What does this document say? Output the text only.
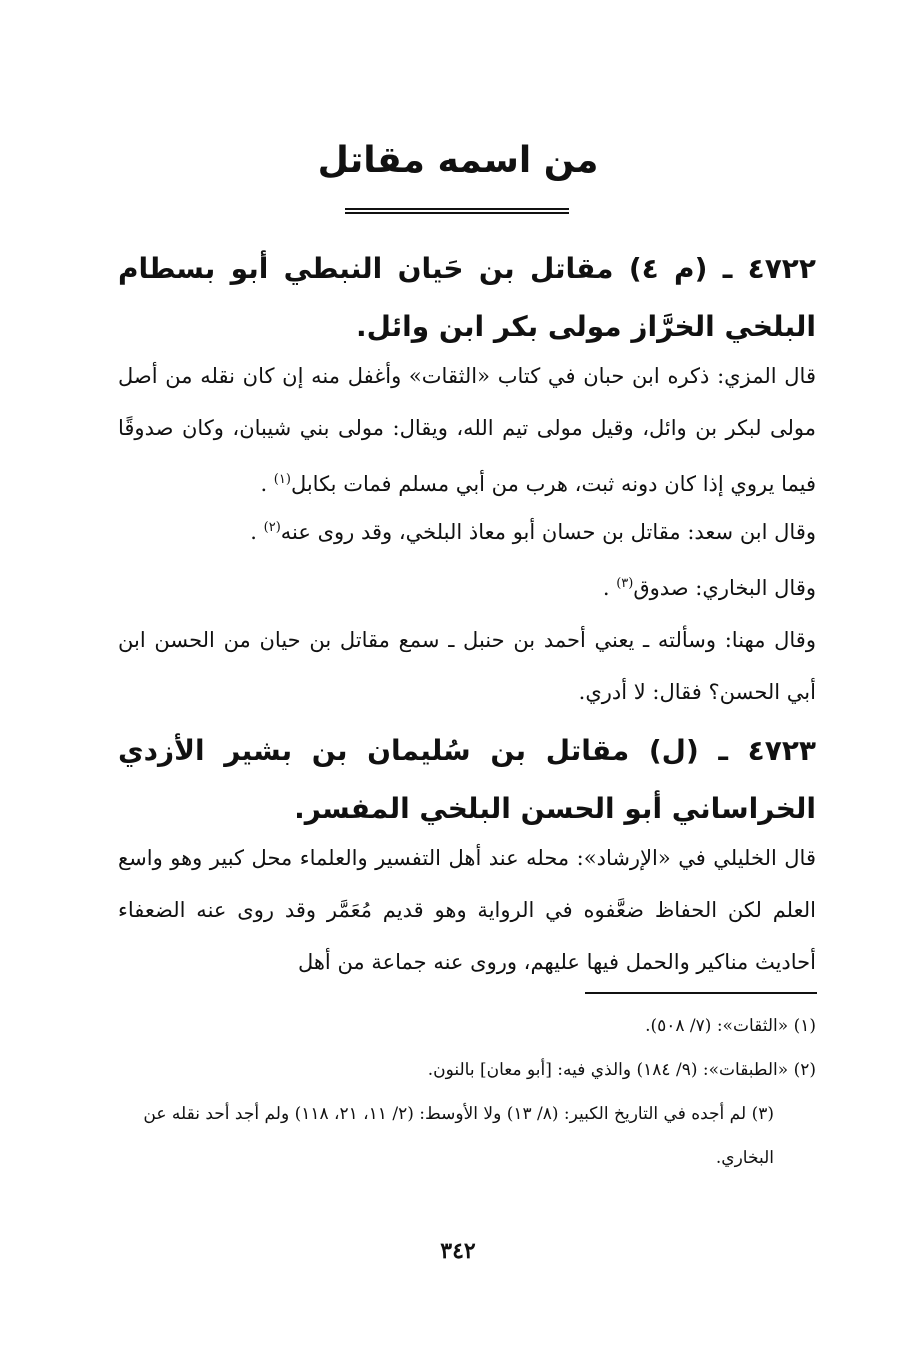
من اسمه مقاتل
٤٧٢٢ ـ (م ٤) مقاتل بن حَيان النبطي أبو بسطام البلخي الخرَّاز مولى بكر ابن وائل.
قال المزي: ذكره ابن حبان في كتاب «الثقات» وأغفل منه إن كان نقله من أصل مولى لبكر بن وائل، وقيل مولى تيم الله، ويقال: مولى بني شيبان، وكان صدوقًا فيما يروي إذا كان دونه ثبت، هرب من أبي مسلم فمات بكابل$^{(١)}$ .
وقال ابن سعد: مقاتل بن حسان أبو معاذ البلخي، وقد روى عنه$^{(٢)}$ .
وقال البخاري: صدوق$^{(٣)}$ .
وقال مهنا: وسألته ـ يعني أحمد بن حنبل ـ سمع مقاتل بن حيان من الحسن ابن أبي الحسن؟ فقال: لا أدري.
٤٧٢٣ ـ (ل) مقاتل بن سُليمان بن بشير الأزدي الخراساني أبو الحسن البلخي المفسر.
قال الخليلي في «الإرشاد»: محله عند أهل التفسير والعلماء محل كبير وهو واسع العلم لكن الحفاظ ضعَّفوه في الرواية وهو قديم مُعَمَّر وقد روى عنه الضعفاء أحاديث مناكير والحمل فيها عليهم، وروى عنه جماعة من أهل
(١) «الثقات»: (٧/ ٥٠٨).
(٢) «الطبقات»: (٩/ ١٨٤) والذي فيه: [أبو معان] بالنون.
(٣) لم أجده في التاريخ الكبير: (٨/ ١٣) ولا الأوسط: (٢/ ١١، ٢١، ١١٨) ولم أجد أحد نقله عن البخاري.
٣٤٢
